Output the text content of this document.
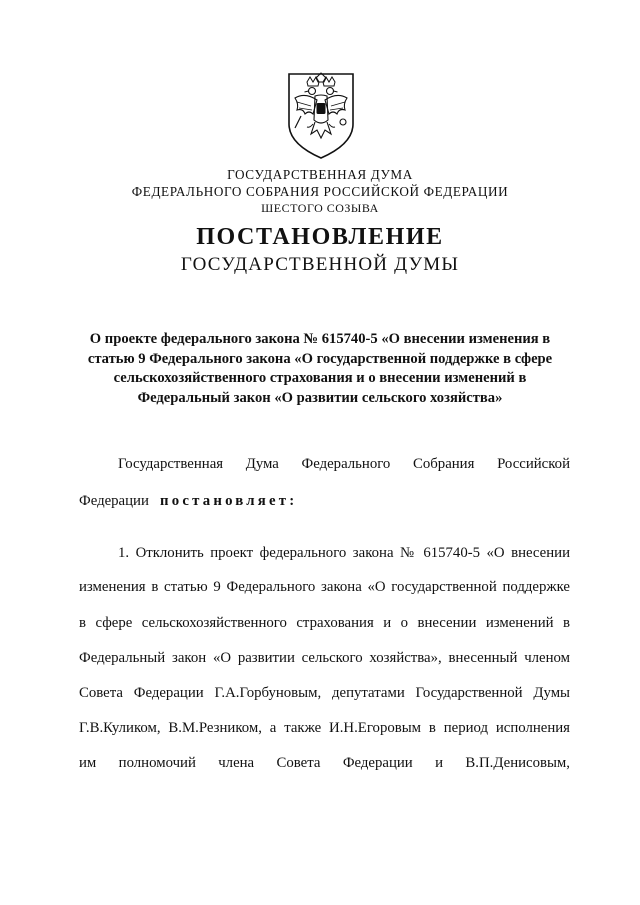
ГОСУДАРСТВЕННАЯ ДУМА
ФЕДЕРАЛЬНОГО СОБРАНИЯ РОССИЙСКОЙ ФЕДЕРАЦИИ
ШЕСТОГО СОЗЫВА
ПОСТАНОВЛЕНИЕ
ГОСУДАРСТВЕННОЙ ДУМЫ
О проекте федерального закона № 615740-5 «О внесении изменения в
статью 9 Федерального закона «О государственной поддержке в сфере
сельскохозяйственного страхования и о внесении изменений в
Федеральный закон «О развитии сельского хозяйства»
Государственная Дума Федерального Собрания Российской
Федерации постановляет:
1. Отклонить проект федерального закона № 615740-5 «О внесении
изменения в статью 9 Федерального закона «О государственной поддержке
в сфере сельскохозяйственного страхования и о внесении изменений в
Федеральный закон «О развитии сельского хозяйства», внесенный членом
Совета Федерации Г.А.Горбуновым, депутатами Государственной Думы
Г.В.Куликом, В.М.Резником, а также И.Н.Егоровым в период исполнения
им полномочий члена Совета Федерации и В.П.Денисовым,
